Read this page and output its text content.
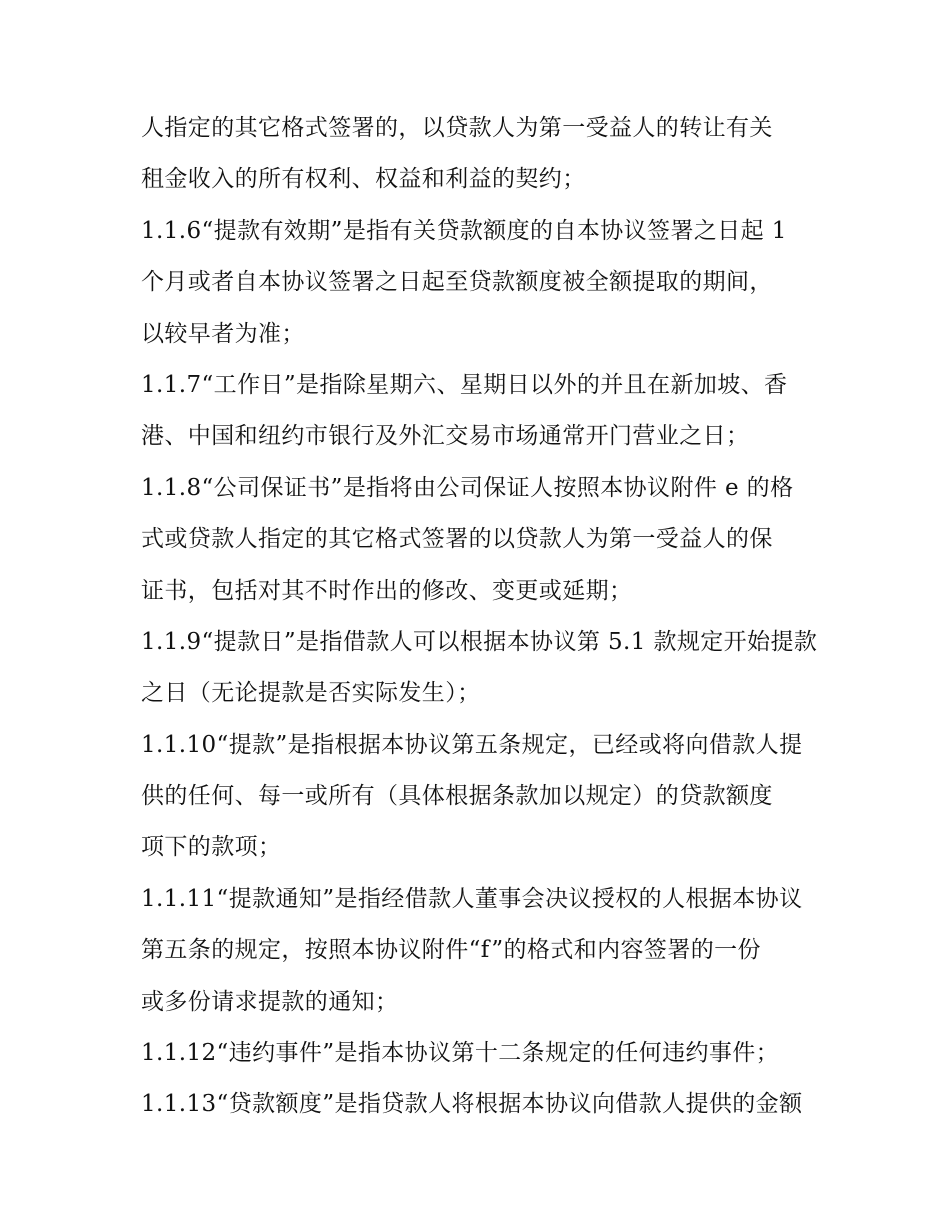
人指定的其它格式签署的，以贷款人为第一受益人的转让有关
租金收入的所有权利、权益和利益的契约；
1.1.6“提款有效期”是指有关贷款额度的自本协议签署之日起 1
个月或者自本协议签署之日起至贷款额度被全额提取的期间，
以较早者为准；
1.1.7“工作日”是指除星期六、星期日以外的并且在新加坡、香
港、中国和纽约市银行及外汇交易市场通常开门营业之日；
1.1.8“公司保证书”是指将由公司保证人按照本协议附件 e 的格
式或贷款人指定的其它格式签署的以贷款人为第一受益人的保
证书，包括对其不时作出的修改、变更或延期；
1.1.9“提款日”是指借款人可以根据本协议第 5.1 款规定开始提款
之日（无论提款是否实际发生）；
1.1.10“提款”是指根据本协议第五条规定，已经或将向借款人提
供的任何、每一或所有（具体根据条款加以规定）的贷款额度
项下的款项；
1.1.11“提款通知”是指经借款人董事会决议授权的人根据本协议
第五条的规定，按照本协议附件“f”的格式和内容签署的一份
或多份请求提款的通知；
1.1.12“违约事件”是指本协议第十二条规定的任何违约事件；
1.1.13“贷款额度”是指贷款人将根据本协议向借款人提供的金额
